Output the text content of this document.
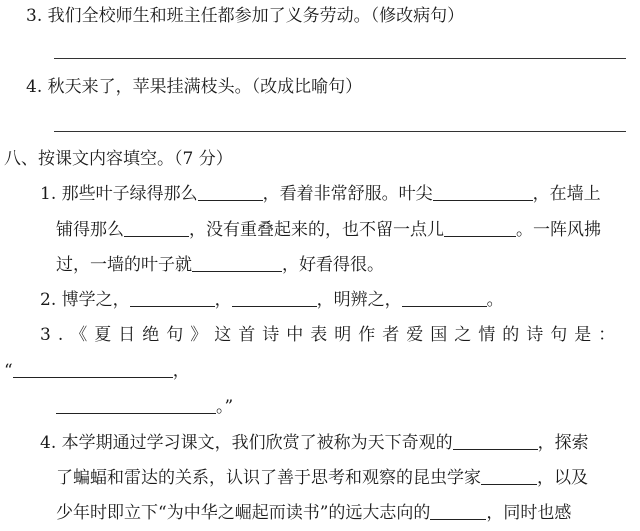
3. 我们全校师生和班主任都参加了义务劳动。（修改病句）
4. 秋天来了，苹果挂满枝头。（改成比喻句）
八、按课文内容填空。（7 分）
1. 那些叶子绿得那么	，看着非常舒服。叶尖	，在墙上
铺得那么	，没有重叠起来的，也不留一点儿	。一阵风拂
过，一墙的叶子就	，好看得很。
2. 博学之，	，	，明辨之，	。
3.《夏日绝句》这首诗中表明作者爱国之情的诗句是：
“	，
。”
4. 本学期通过学习课文，我们欣赏了被称为天下奇观的	，探索
了蝙蝠和雷达的关系，认识了善于思考和观察的昆虫学家	，以及
少年时即立下“为中华之崛起而读书”的远大志向的	，同时也感
